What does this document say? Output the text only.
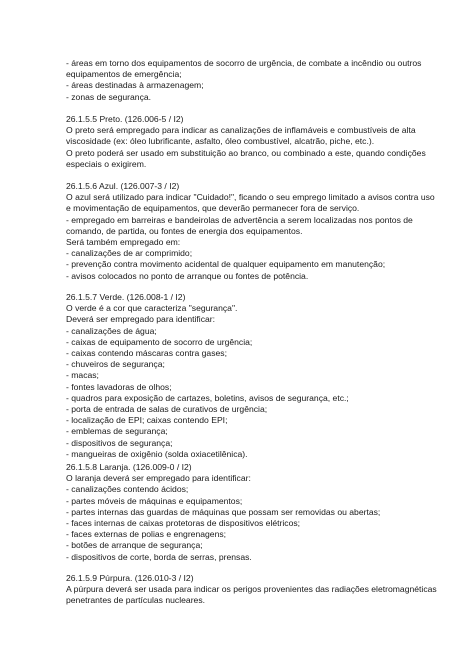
- áreas em torno dos equipamentos de socorro de urgência, de combate a incêndio ou outros
equipamentos de emergência;
- áreas destinadas à armazenagem;
- zonas de segurança.
26.1.5.5 Preto. (126.006-5 / I2)
O preto será empregado para indicar as canalizações de inflamáveis e combustíveis de alta
viscosidade (ex: óleo lubrificante, asfalto, óleo combustível, alcatrão, piche, etc.).
O preto poderá ser usado em substituição ao branco, ou combinado a este, quando condições
especiais o exigirem.
26.1.5.6 Azul. (126.007-3 / I2)
O azul será utilizado para indicar "Cuidado!", ficando o seu emprego limitado a avisos contra uso
e movimentação de equipamentos, que deverão permanecer fora de serviço.
- empregado em barreiras e bandeirolas de advertência a serem localizadas nos pontos de
comando, de partida, ou fontes de energia dos equipamentos.
Será também empregado em:
- canalizações de ar comprimido;
- prevenção contra movimento acidental de qualquer equipamento em manutenção;
- avisos colocados no ponto de arranque ou fontes de potência.
26.1.5.7 Verde. (126.008-1 / I2)
O verde é a cor que caracteriza "segurança".
Deverá ser empregado para identificar:
- canalizações de água;
- caixas de equipamento de socorro de urgência;
- caixas contendo máscaras contra gases;
- chuveiros de segurança;
- macas;
- fontes lavadoras de olhos;
- quadros para exposição de cartazes, boletins, avisos de segurança, etc.;
- porta de entrada de salas de curativos de urgência;
- localização de EPI; caixas contendo EPI;
- emblemas de segurança;
- dispositivos de segurança;
- mangueiras de oxigênio (solda oxiacetilênica).
26.1.5.8 Laranja. (126.009-0 / I2)
O laranja deverá ser empregado para identificar:
- canalizações contendo ácidos;
- partes móveis de máquinas e equipamentos;
- partes internas das guardas de máquinas que possam ser removidas ou abertas;
- faces internas de caixas protetoras de dispositivos elétricos;
- faces externas de polias e engrenagens;
- botões de arranque de segurança;
- dispositivos de corte, borda de serras, prensas.
26.1.5.9 Púrpura. (126.010-3 / I2)
A púrpura deverá ser usada para indicar os perigos provenientes das radiações eletromagnéticas
penetrantes de partículas nucleares.
